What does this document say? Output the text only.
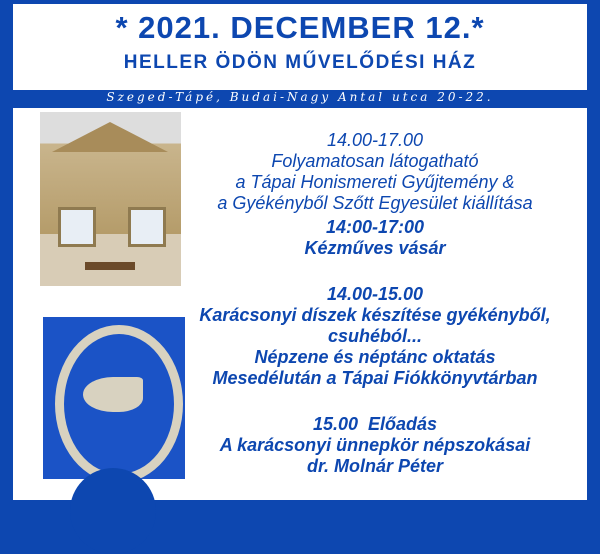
* 2021. DECEMBER 12.*
HELLER ÖDÖN MŰVELŐDÉSI HÁZ
Szeged-Tápé, Budai-Nagy Antal utca 20-22.
14.00-17.00
Folyamatosan látogatható
a Tápai Honismereti Gyűjtemény &
a Gyékényből Szőtt Egyesület kiállítása
14:00-17:00
Kézműves vásár
14.00-15.00
Karácsonyi díszek készítése gyékényből,
csuhéból...
Népzene és néptánc oktatás
Mesedélután a Tápai Fiókkönyvtárban
15.00  Előadás
A karácsonyi ünnepkör népszokásai
dr. Molnár Péter
